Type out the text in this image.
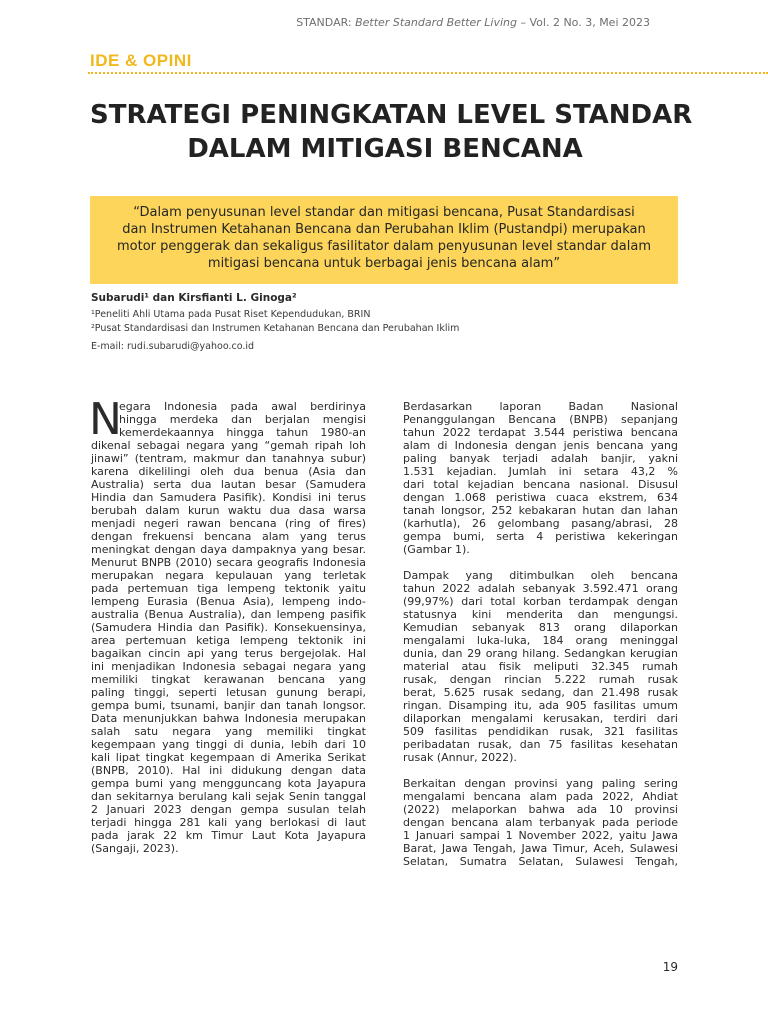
STANDAR: Better Standard Better Living – Vol. 2 No. 3, Mei 2023
IDE & OPINI
STRATEGI PENINGKATAN LEVEL STANDAR
DALAM MITIGASI BENCANA
“Dalam penyusunan level standar dan mitigasi bencana, Pusat Standardisasi
dan Instrumen Ketahanan Bencana dan Perubahan Iklim (Pustandpi) merupakan
motor penggerak dan sekaligus fasilitator dalam penyusunan level standar dalam
mitigasi bencana untuk berbagai jenis bencana alam”
Subarudi¹ dan Kirsfianti L. Ginoga²
¹Peneliti Ahli Utama pada Pusat Riset Kependudukan, BRIN
²Pusat Standardisasi dan Instrumen Ketahanan Bencana dan Perubahan Iklim
E-mail: rudi.subarudi@yahoo.co.id
N
egara Indonesia pada awal berdirinya
hingga merdeka dan berjalan mengisi
kemerdekaannya hingga tahun 1980-an
dikenal sebagai negara yang “gemah ripah loh
jinawi” (tentram, makmur dan tanahnya subur)
karena dikelilingi oleh dua benua (Asia dan
Australia) serta dua lautan besar (Samudera
Hindia dan Samudera Pasifik). Kondisi ini terus
berubah dalam kurun waktu dua dasa warsa
menjadi negeri rawan bencana (ring of fires)
dengan frekuensi bencana alam yang terus
meningkat dengan daya dampaknya yang besar.
Menurut BNPB (2010) secara geografis Indonesia
merupakan negara kepulauan yang terletak
pada pertemuan tiga lempeng tektonik yaitu
lempeng Eurasia (Benua Asia), lempeng indo-
australia (Benua Australia), dan lempeng pasifik
(Samudera Hindia dan Pasifik). Konsekuensinya,
area pertemuan ketiga lempeng tektonik ini
bagaikan cincin api yang terus bergejolak. Hal
ini menjadikan Indonesia sebagai negara yang
memiliki tingkat kerawanan bencana yang
paling tinggi, seperti letusan gunung berapi,
gempa bumi, tsunami, banjir dan tanah longsor.
Data menunjukkan bahwa Indonesia merupakan
salah satu negara yang memiliki tingkat
kegempaan yang tinggi di dunia, lebih dari 10
kali lipat tingkat kegempaan di Amerika Serikat
(BNPB, 2010). Hal ini didukung dengan data
gempa bumi yang mengguncang kota Jayapura
dan sekitarnya berulang kali sejak Senin tanggal
2 Januari 2023 dengan gempa susulan telah
terjadi hingga 281 kali yang berlokasi di laut
pada jarak 22 km Timur Laut Kota Jayapura
(Sangaji, 2023).
Berdasarkan laporan Badan Nasional
Penanggulangan Bencana (BNPB) sepanjang
tahun 2022 terdapat 3.544 peristiwa bencana
alam di Indonesia dengan jenis bencana yang
paling banyak terjadi adalah banjir, yakni
1.531 kejadian. Jumlah ini setara 43,2 %
dari total kejadian bencana nasional. Disusul
dengan 1.068 peristiwa cuaca ekstrem, 634
tanah longsor, 252 kebakaran hutan dan lahan
(karhutla), 26 gelombang pasang/abrasi, 28
gempa bumi, serta 4 peristiwa kekeringan
(Gambar 1).
Dampak yang ditimbulkan oleh bencana
tahun 2022 adalah sebanyak 3.592.471 orang
(99,97%) dari total korban terdampak dengan
statusnya kini menderita dan mengungsi.
Kemudian sebanyak 813 orang dilaporkan
mengalami luka-luka, 184 orang meninggal
dunia, dan 29 orang hilang. Sedangkan kerugian
material atau fisik meliputi 32.345 rumah
rusak, dengan rincian 5.222 rumah rusak
berat, 5.625 rusak sedang, dan 21.498 rusak
ringan. Disamping itu, ada 905 fasilitas umum
dilaporkan mengalami kerusakan, terdiri dari
509 fasilitas pendidikan rusak, 321 fasilitas
peribadatan rusak, dan 75 fasilitas kesehatan
rusak (Annur, 2022).
Berkaitan dengan provinsi yang paling sering
mengalami bencana alam pada 2022, Ahdiat
(2022) melaporkan bahwa ada 10 provinsi
dengan bencana alam terbanyak pada periode
1 Januari sampai 1 November 2022, yaitu Jawa
Barat, Jawa Tengah, Jawa Timur, Aceh, Sulawesi
Selatan, Sumatra Selatan, Sulawesi Tengah,
19
